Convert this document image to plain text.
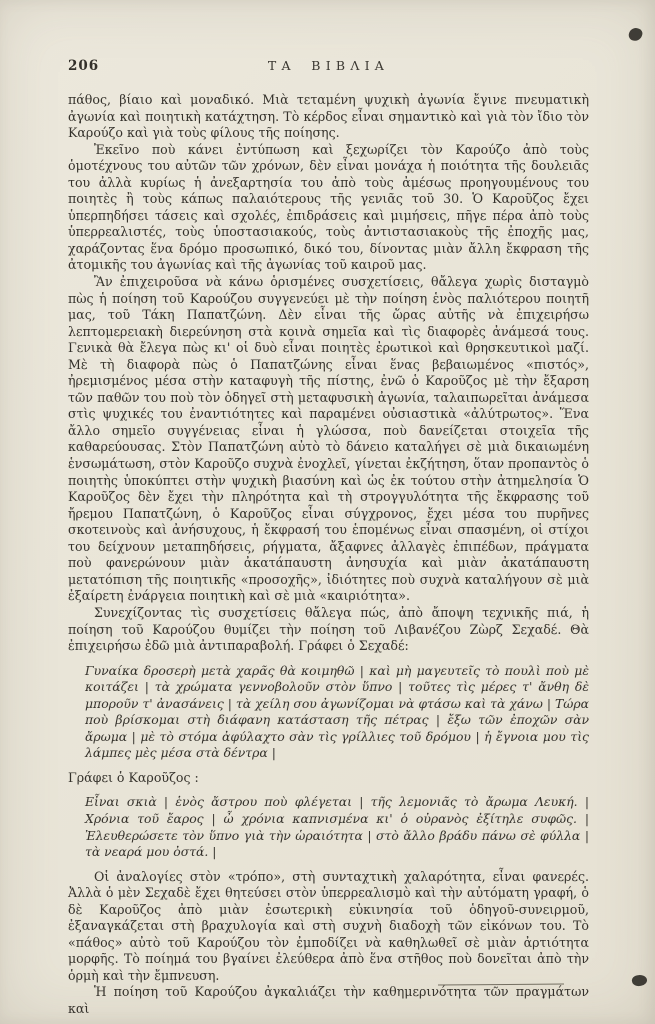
206	ΤΑ ΒΙΒΛΙΑ

πάθος, βίαιο καὶ μοναδικό. Μιὰ τεταμένη ψυχικὴ ἀγωνία ἔγινε πνευματικὴ ἀγωνία καὶ ποιητικὴ κατάχτηση. Τὸ κέρδος εἶναι σημαντικὸ καὶ γιὰ τὸν ἴδιο τὸν Καρούζο καὶ γιὰ τοὺς φίλους τῆς ποίησης.

Ἐκεῖνο ποὺ κάνει ἐντύπωση καὶ ξεχωρίζει τὸν Καρούζο ἀπὸ τοὺς ὁμοτέχνους του αὐτῶν τῶν χρόνων, δὲν εἶναι μονάχα ἡ ποιότητα τῆς δουλειᾶς του ἀλλὰ κυρίως ἡ ἀνεξαρτησία του ἀπὸ τοὺς ἀμέσως προηγουμένους του ποιητὲς ἢ τοὺς κάπως παλαιότερους τῆς γενιᾶς τοῦ 30. Ὁ Καροῦζος ἔχει ὑπερπηδήσει τάσεις καὶ σχολές, ἐπιδράσεις καὶ μιμήσεις, πῆγε πέρα ἀπὸ τοὺς ὑπερρεαλιστές, τοὺς ὑποστασιακούς, τοὺς ἀντιστασιακοὺς τῆς ἐποχῆς μας, χαράζοντας ἕνα δρόμο προσωπικό, δικό του, δίνοντας μιὰν ἄλλη ἔκφραση τῆς ἀτομικῆς του ἀγωνίας καὶ τῆς ἀγωνίας τοῦ καιροῦ μας.

Ἂν ἐπιχειροῦσα νὰ κάνω ὁρισμένες συσχετίσεις, θἄλεγα χωρὶς δισταγμὸ πὼς ἡ ποίηση τοῦ Καρούζου συγγενεύει μὲ τὴν ποίηση ἑνὸς παλιότερου ποιητῆ μας, τοῦ Τάκη Παπατζώνη. Δὲν εἶναι τῆς ὥρας αὐτῆς νὰ ἐπιχειρήσω λεπτομερειακὴ διερεύνηση στὰ κοινὰ σημεῖα καὶ τὶς διαφορὲς ἀνάμεσά τους. Γενικὰ θὰ ἔλεγα πὼς κι' οἱ δυὸ εἶναι ποιητὲς ἐρωτικοὶ καὶ θρησκευτικοὶ μαζί. Μὲ τὴ διαφορὰ πὼς ὁ Παπατζώνης εἶναι ἕνας βεβαιωμένος «πιστός», ἠρεμισμένος μέσα στὴν καταφυγὴ τῆς πίστης, ἐνῶ ὁ Καροῦζος μὲ τὴν ἔξαρση τῶν παθῶν του ποὺ τὸν ὁδηγεῖ στὴ μεταφυσικὴ ἀγωνία, ταλαιπωρεῖται ἀνάμεσα στὶς ψυχικές του ἐναντιότητες καὶ παραμένει οὐσιαστικὰ «ἀλύτρωτος». Ἕνα ἄλλο σημεῖο συγγένειας εἶναι ἡ γλώσσα, ποὺ δανείζεται στοιχεῖα τῆς καθαρεύουσας. Στὸν Παπατζώνη αὐτὸ τὸ δάνειο καταλήγει σὲ μιὰ δικαιωμένη ἑνσωμάτωση, στὸν Καροῦζο συχνὰ ἐνοχλεῖ, γίνεται ἐκζήτηση, ὅταν προπαντὸς ὁ ποιητὴς ὑποκύπτει στὴν ψυχικὴ βιασύνη καὶ ὡς ἐκ τούτου στὴν ἀτημελησία Ὁ Καροῦζος δὲν ἔχει τὴν πληρότητα καὶ τὴ στρογγυλότητα τῆς ἔκφρασης τοῦ ἤρεμου Παπατζώνη, ὁ Καροῦζος εἶναι σύγχρονος, ἔχει μέσα του πυρῆνες σκοτεινοὺς καὶ ἀνήσυχους, ἡ ἔκφρασή του ἑπομένως εἶναι σπασμένη, οἱ στίχοι του δείχνουν μεταπηδήσεις, ρήγματα, ἄξαφνες ἀλλαγὲς ἐπιπέδων, πράγματα ποὺ φανερώνουν μιὰν ἀκατάπαυστη ἀνησυχία καὶ μιὰν ἀκατάπαυστη μετατόπιση τῆς ποιητικῆς «προσοχῆς», ἰδιότητες ποὺ συχνὰ καταλήγουν σὲ μιὰ ἐξαίρετη ἐνάργεια ποιητικὴ καὶ σὲ μιὰ «καιριότητα».

Συνεχίζοντας τὶς συσχετίσεις θἄλεγα πώς, ἀπὸ ἄποψη τεχνικῆς πιά, ἡ ποίηση τοῦ Καρούζου θυμίζει τὴν ποίηση τοῦ Λιβανέζου Ζὼρζ Σεχαδέ. Θὰ ἐπιχειρήσω ἐδῶ μιὰ ἀντιπαραβολή. Γράφει ὁ Σεχαδέ:

Γυναίκα δροσερὴ μετὰ χαρᾶς θὰ κοιμηθῶ | καὶ μὴ μαγευτεῖς τὸ πουλὶ ποὺ μὲ κοιτάζει | τὰ χρώματα γεννοβολοῦν στὸν ὕπνο | τοῦτες τὶς μέρες τ' ἄνθη δὲ μποροῦν τ' ἀνασάνεις | τὰ χείλη σου ἀγωνίζομαι νὰ φτάσω καὶ τὰ χάνω | Τώρα ποὺ βρίσκομαι στὴ διάφανη κατάσταση τῆς πέτρας | ἔξω τῶν ἐποχῶν σὰν ἄρωμα | μὲ τὸ στόμα ἀφύλαχτο σὰν τὶς γρίλλιες τοῦ δρόμου | ἡ ἔγνοια μου τὶς λάμπες μὲς μέσα στὰ δέντρα |

Γράφει ὁ Καροῦζος :

Εἶναι σκιὰ | ἑνὸς ἄστρου ποὺ φλέγεται | τῆς λεμονιᾶς τὸ ἄρωμα Λευκή. | Χρόνια τοῦ ἔαρος | ὦ χρόνια καπνισμένα κι' ὁ οὐρανὸς ἐξίτηλε συφῶς. | Ἐλευθερώσετε τὸν ὕπνο γιὰ τὴν ὡραιότητα | στὸ ἄλλο βράδυ πάνω σὲ φύλλα | τὰ νεαρά μου ὀστά. |

Οἱ ἀναλογίες στὸν «τρόπο», στὴ συνταχτικὴ χαλαρότητα, εἶναι φανερές. Ἀλλὰ ὁ μὲν Σεχαδὲ ἔχει θητεύσει στὸν ὑπερρεαλισμὸ καὶ τὴν αὐτόματη γραφή, ὁ δὲ Καροῦζος ἀπὸ μιὰν ἐσωτερικὴ εὐκινησία τοῦ ὁδηγοῦ-συνειρμοῦ, ἐξαναγκάζεται στὴ βραχυλογία καὶ στὴ συχνὴ διαδοχὴ τῶν εἰκόνων του. Τὸ «πάθος» αὐτὸ τοῦ Καρούζου τὸν ἐμποδίζει νὰ καθηλωθεῖ σὲ μιὰν ἀρτιότητα μορφῆς. Τὸ ποίημά του βγαίνει ἐλεύθερα ἀπὸ ἕνα στῆθος ποὺ δονεῖται ἀπὸ τὴν ὁρμὴ καὶ τὴν ἔμπνευση.

Ἡ ποίηση τοῦ Καρούζου ἀγκαλιάζει τὴν καθημερινότητα τῶν πραγμάτων καὶ
